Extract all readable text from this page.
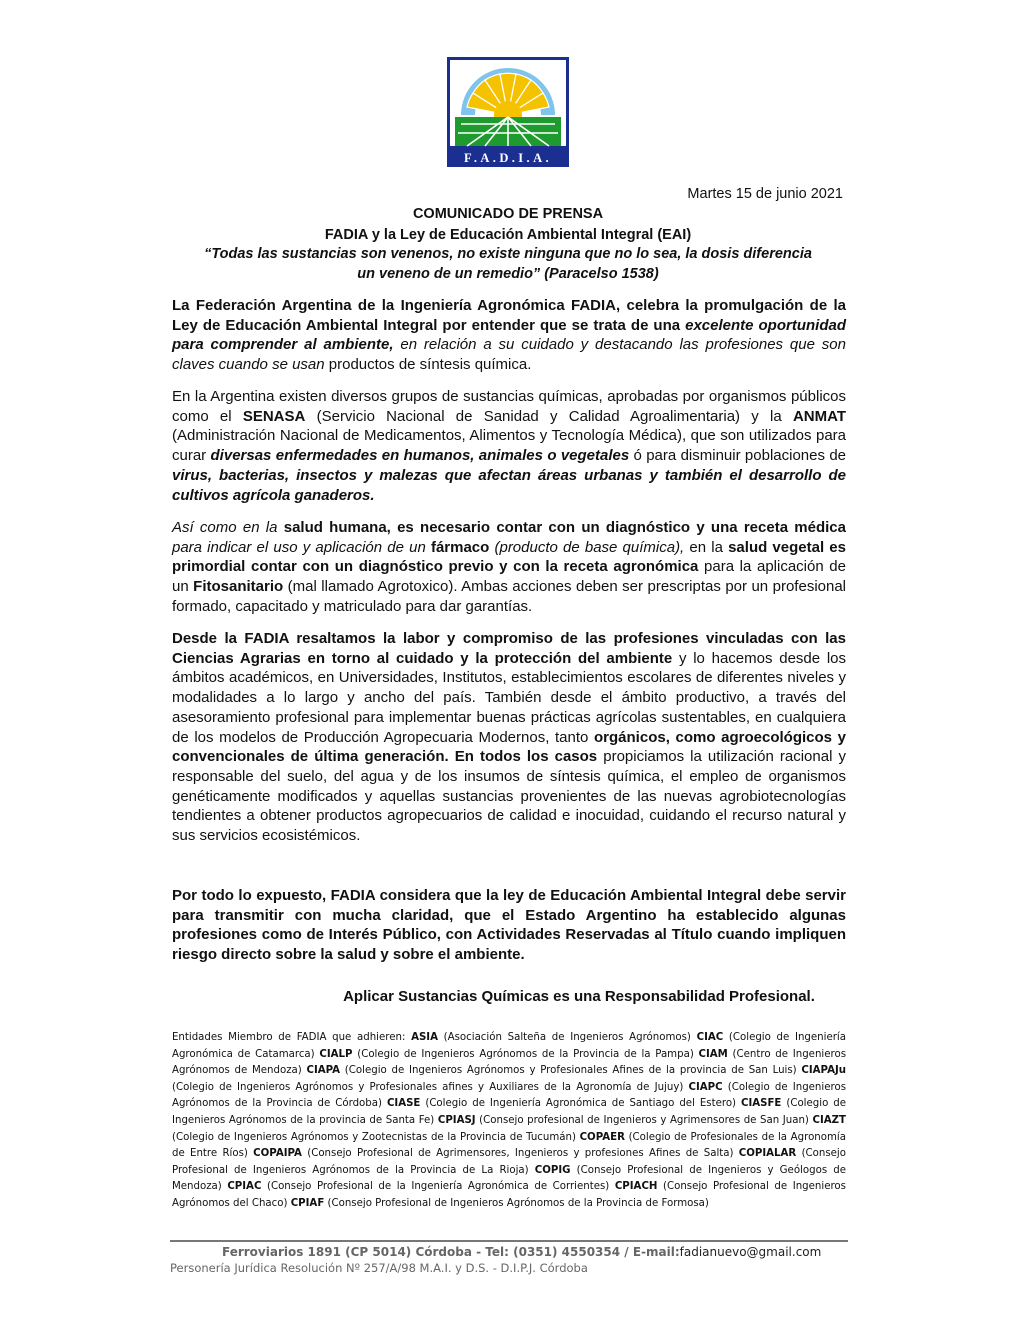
F.A.D.I.A.
Martes 15 de junio 2021
COMUNICADO DE PRENSA
FADIA y la Ley de Educación Ambiental Integral (EAI)
“Todas las sustancias son venenos, no existe ninguna que no lo sea, la dosis diferencia
un veneno de un remedio” (Paracelso 1538)

La Federación Argentina de la Ingeniería Agronómica FADIA, celebra la promulgación de la Ley de Educación Ambiental Integral por entender que se trata de una excelente oportunidad para comprender al ambiente, en relación a su cuidado y destacando las profesiones que son claves cuando se usan productos de síntesis química.

En la Argentina existen diversos grupos de sustancias químicas, aprobadas por organismos públicos como el SENASA (Servicio Nacional de Sanidad y Calidad Agroalimentaria) y la ANMAT (Administración Nacional de Medicamentos, Alimentos y Tecnología Médica), que son utilizados para curar diversas enfermedades en humanos, animales o vegetales ó para disminuir poblaciones de virus, bacterias, insectos y malezas que afectan áreas urbanas y también el desarrollo de cultivos agrícola ganaderos.

Así como en la salud humana, es necesario contar con un diagnóstico y una receta médica para indicar el uso y aplicación de un fármaco (producto de base química), en la salud vegetal es primordial contar con un diagnóstico previo y con la receta agronómica para la aplicación de un Fitosanitario (mal llamado Agrotoxico). Ambas acciones deben ser prescriptas por un profesional formado, capacitado y matriculado para dar garantías.

Desde la FADIA resaltamos la labor y compromiso de las profesiones vinculadas con las Ciencias Agrarias en torno al cuidado y la protección del ambiente y lo hacemos desde los ámbitos académicos, en Universidades, Institutos, establecimientos escolares de diferentes niveles y modalidades a lo largo y ancho del país. También desde el ámbito productivo, a través del asesoramiento profesional para implementar buenas prácticas agrícolas sustentables, en cualquiera de los modelos de Producción Agropecuaria Modernos, tanto orgánicos, como agroecológicos y convencionales de última generación. En todos los casos propiciamos la utilización racional y responsable del suelo, del agua y de los insumos de síntesis química, el empleo de organismos genéticamente modificados y aquellas sustancias provenientes de las nuevas agrobiotecnologías tendientes a obtener productos agropecuarios de calidad e inocuidad, cuidando el recurso natural y sus servicios ecosistémicos.

Por todo lo expuesto, FADIA considera que la ley de Educación Ambiental Integral debe servir para transmitir con mucha claridad, que el Estado Argentino ha establecido algunas profesiones como de Interés Público, con Actividades Reservadas al Título cuando impliquen riesgo directo sobre la salud y sobre el ambiente.

Aplicar Sustancias Químicas es una Responsabilidad Profesional.

Entidades Miembro de FADIA que adhieren: ASIA (Asociación Salteña de Ingenieros Agrónomos) CIAC (Colegio de Ingeniería Agronómica de Catamarca) CIALP (Colegio de Ingenieros Agrónomos de la Provincia de la Pampa) CIAM (Centro de Ingenieros Agrónomos de Mendoza) CIAPA (Colegio de Ingenieros Agrónomos y Profesionales Afines de la provincia de San Luis) CIAPAJu (Colegio de Ingenieros Agrónomos y Profesionales afines y Auxiliares de la Agronomía de Jujuy) CIAPC (Colegio de Ingenieros Agrónomos de la Provincia de Córdoba) CIASE (Colegio de Ingeniería Agronómica de Santiago del Estero) CIASFE (Colegio de Ingenieros Agrónomos de la provincia de Santa Fe) CPIASJ (Consejo profesional de Ingenieros y Agrimensores de San Juan) CIAZT (Colegio de Ingenieros Agrónomos y Zootecnistas de la Provincia de Tucumán) COPAER (Colegio de Profesionales de la Agronomía de Entre Ríos) COPAIPA (Consejo Profesional de Agrimensores, Ingenieros y profesiones Afines de Salta) COPIALAR (Consejo Profesional de Ingenieros Agrónomos de la Provincia de La Rioja) COPIG (Consejo Profesional de Ingenieros y Geólogos de Mendoza) CPIAC (Consejo Profesional de la Ingeniería Agronómica de Corrientes) CPIACH (Consejo Profesional de Ingenieros Agrónomos del Chaco) CPIAF (Consejo Profesional de Ingenieros Agrónomos de la Provincia de Formosa)

Ferroviarios 1891 (CP 5014) Córdoba - Tel: (0351) 4550354 / E-mail:fadianuevo@gmail.com
Personería Jurídica Resolución Nº 257/A/98 M.A.I. y D.S. - D.I.P.J. Córdoba
